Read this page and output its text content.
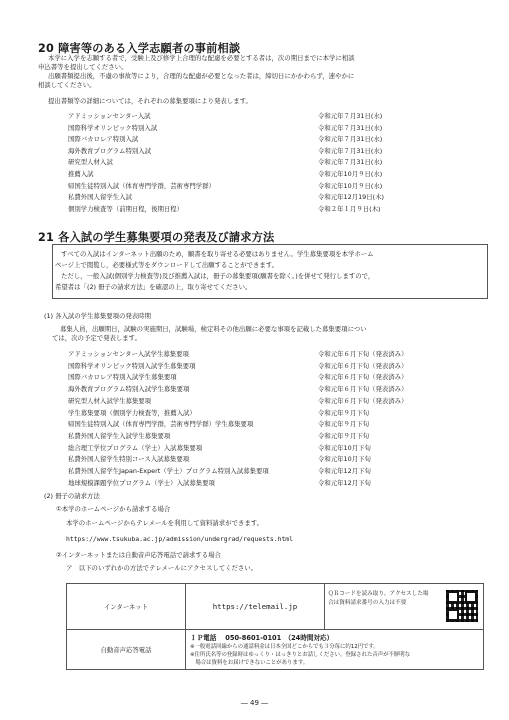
20 障害等のある入学志願者の事前相談
本学に入学を志願する者で，受験上及び修学上合理的な配慮を必要とする者は，次の期日までに本学に相談
申込書等を提出してください。
出願書類提出後，不慮の事故等により，合理的な配慮が必要となった者は，締切日にかかわらず，速やかに
相談してください。
提出書類等の詳細については，それぞれの募集要項により発表します。
アドミッションセンター入試	令和元年７月31日(水)
国際科学オリンピック特別入試	令和元年７月31日(水)
国際バカロレア特別入試	令和元年７月31日(水)
海外教育プログラム特別入試	令和元年７月31日(水)
研究型人材入試	令和元年７月31日(水)
推薦入試	令和元年10月９日(水)
帰国生徒特別入試（体育専門学群，芸術専門学群）	令和元年10月９日(水)
私費外国人留学生入試	令和元年12月19日(木)
個別学力検査等（前期日程，後期日程）	令和２年１月９日(木)
21 各入試の学生募集要項の発表及び請求方法
すべての入試はインターネット出願のため，願書を取り寄せる必要はありません。学生募集要項を本学ホーム
ページ上で閲覧し，必要様式等をダウンロードして出願することができます。
ただし，一般入試(個別学力検査等)及び推薦入試は，冊子の募集要項(願書を除く。)を併せて発行しますので，
希望者は「(2) 冊子の請求方法」を確認の上，取り寄せてください。
(1) 各入試の学生募集要項の発表時期
募集人員，出願期日，試験の実施期日，試験場，検定料その他出願に必要な事項を記載した募集要項につい
ては，次の予定で発表します。
アドミッションセンター入試学生募集要項	令和元年６月下旬（発表済み）
国際科学オリンピック特別入試学生募集要項	令和元年６月下旬（発表済み）
国際バカロレア特別入試学生募集要項	令和元年６月下旬（発表済み）
海外教育プログラム特別入試学生募集要項	令和元年６月下旬（発表済み）
研究型人材入試学生募集要項	令和元年６月下旬（発表済み）
学生募集要項（個別学力検査等，推薦入試）	令和元年９月下旬
帰国生徒特別入試（体育専門学群，芸術専門学群）学生募集要項	令和元年９月下旬
私費外国人留学生入試学生募集要項	令和元年９月下旬
総合理工学位プログラム（学士）入試募集要項	令和元年10月下旬
私費外国人留学生特別コース入試募集要項	令和元年10月下旬
私費外国人留学生Japan-Expert（学士）プログラム特別入試募集要項	令和元年12月下旬
地球規模課題学位プログラム（学士）入試募集要項	令和元年12月下旬
(2) 冊子の請求方法
①本学のホームページから請求する場合
本学のホームページからテレメールを利用して資料請求ができます。
https://www.tsukuba.ac.jp/admission/undergrad/requests.html
②インターネットまたは自動音声応答電話で請求する場合
ア　以下のいずれかの方法でテレメールにアクセスしてください。
インターネット	https://telemail.jp	ＱＲコードを読み取り，アクセスした場
合は資料請求番号の入力は不要

自動音声応答電話	ＩＰ電話　 050-8601-0101　（24時間対応）
※一般電話回線からの通話料金は日本全国どこからでも３分毎に約12円です。
※住所氏名等の登録時はゆっくり・はっきりとお話しください。登録された音声が不鮮明な
　場合は資料をお届けできないことがあります。	
― 49 ―
